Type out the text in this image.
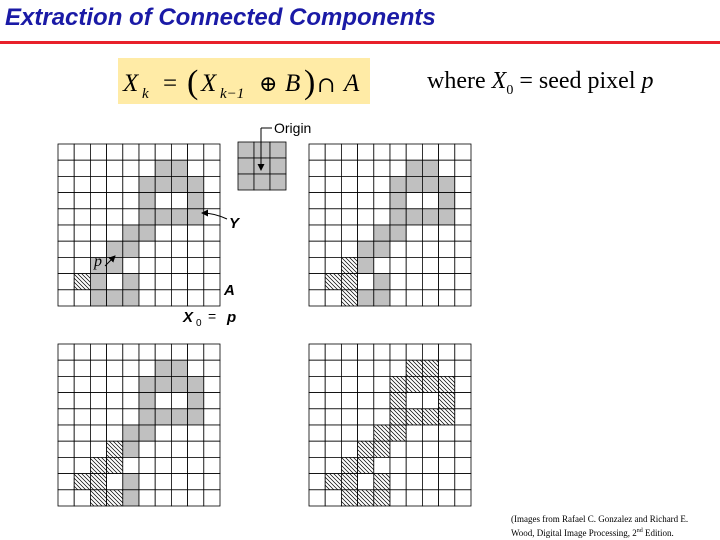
Extraction of Connected Components
X k = ( X k−1 ⊕ B ) ∩ A	where $X_0$ = seed pixel p
Origin
Y
p
A
X 0 = p
(Images from Rafael C. Gonzalez and Richard E.
Wood, Digital Image Processing, 2nd Edition.
